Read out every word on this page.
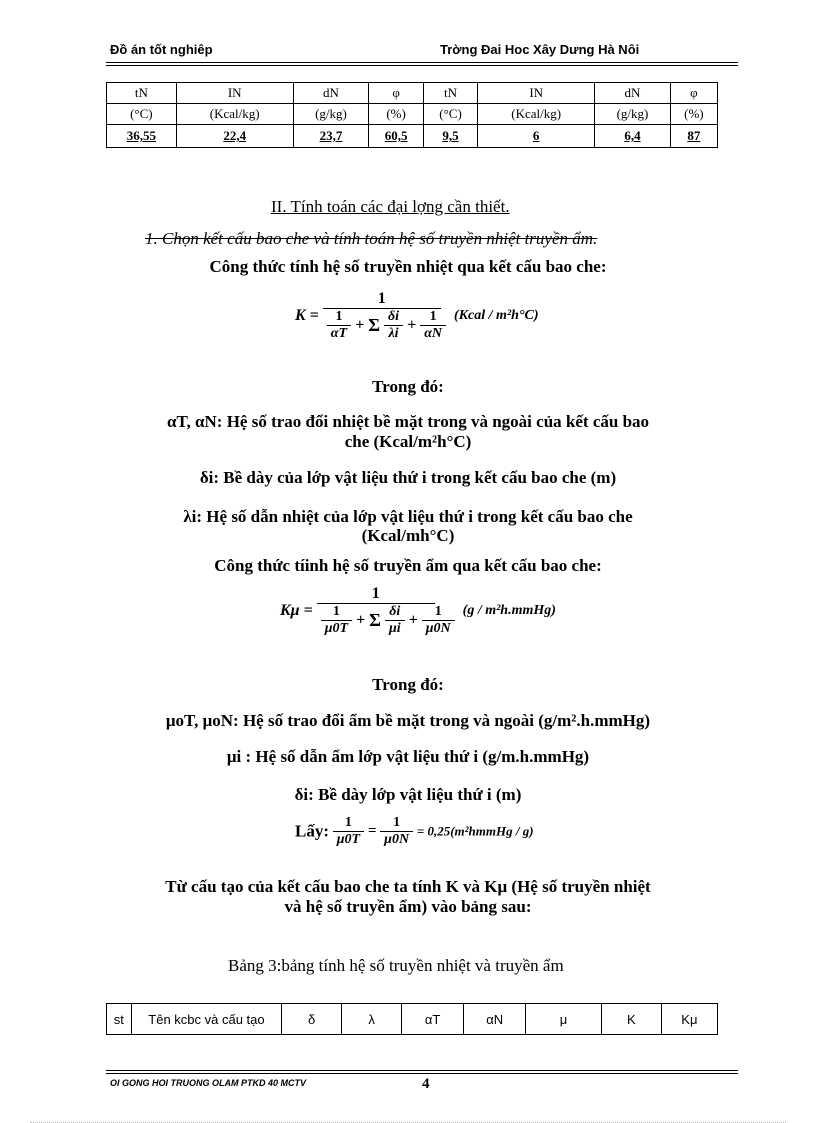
Đồ án tốt nghiêp	Trờng Đai Hoc Xây Dưng Hà Nôi
tN	IN	dN	φ	tN	IN	dN	φ
(°C)	(Kcal/kg)	(g/kg)	(%)	(°C)	(Kcal/kg)	(g/kg)	(%)
36,55	22,4	23,7	60,5	9,5	6	6,4	87
II. Tính toán các đại lợng cần thiết.
1. Chọn kết cấu bao che và tính toán hệ số truyền nhiệt truyền ẩm.
Công thức tính hệ số truyền nhiệt qua kết cấu bao che:
K =
1
$\frac{1}{\alpha T} + \Sigma \frac{\delta i}{\lambda i} + \frac{1}{\alpha N}$ (Kcal / m²h°C)
Trong đó:
αT, αN: Hệ số trao đổi nhiệt bề mặt trong và ngoài của kết cấu bao
che (Kcal/m²h°C)
δi: Bề dày của lớp vật liệu thứ i trong kết cấu bao che (m)
λi: Hệ số dẫn nhiệt của lớp vật liệu thứ i trong kết cấu bao che
(Kcal/mh°C)
Công thức tíinh hệ số truyền ẩm qua kết cấu bao che:
Kμ =
1
$\frac{1}{\mu 0T} + \Sigma \frac{\delta i}{\mu i} + \frac{1}{\mu 0N} (g$ / m²h.mmHg)
Trong đó:
μoT, μoN: Hệ số trao đổi ẩm bề mặt trong và ngoài (g/m².h.mmHg)
μi : Hệ số dẫn ẩm lớp vật liệu thứ i (g/m.h.mmHg)
δi: Bề dày lớp vật liệu thứ i (m)
Lấy: $\frac{1}{\mu 0T} = \frac{1}{\mu 0N}$ = 0,25(m²hmmHg / g)
Từ cấu tạo của kết cấu bao che ta tính K và Kμ (Hệ số truyền nhiệt
và hệ số truyền ẩm) vào bảng sau:
Bảng 3:bảng tính hệ số truyền nhiệt và truyền ẩm
st	Tên kcbc và cấu tạo	δ	λ	αT	αN	μ	K	Kμ
OI GONG HOI TRUONG OLAM PTKD 40 MCTV	4
